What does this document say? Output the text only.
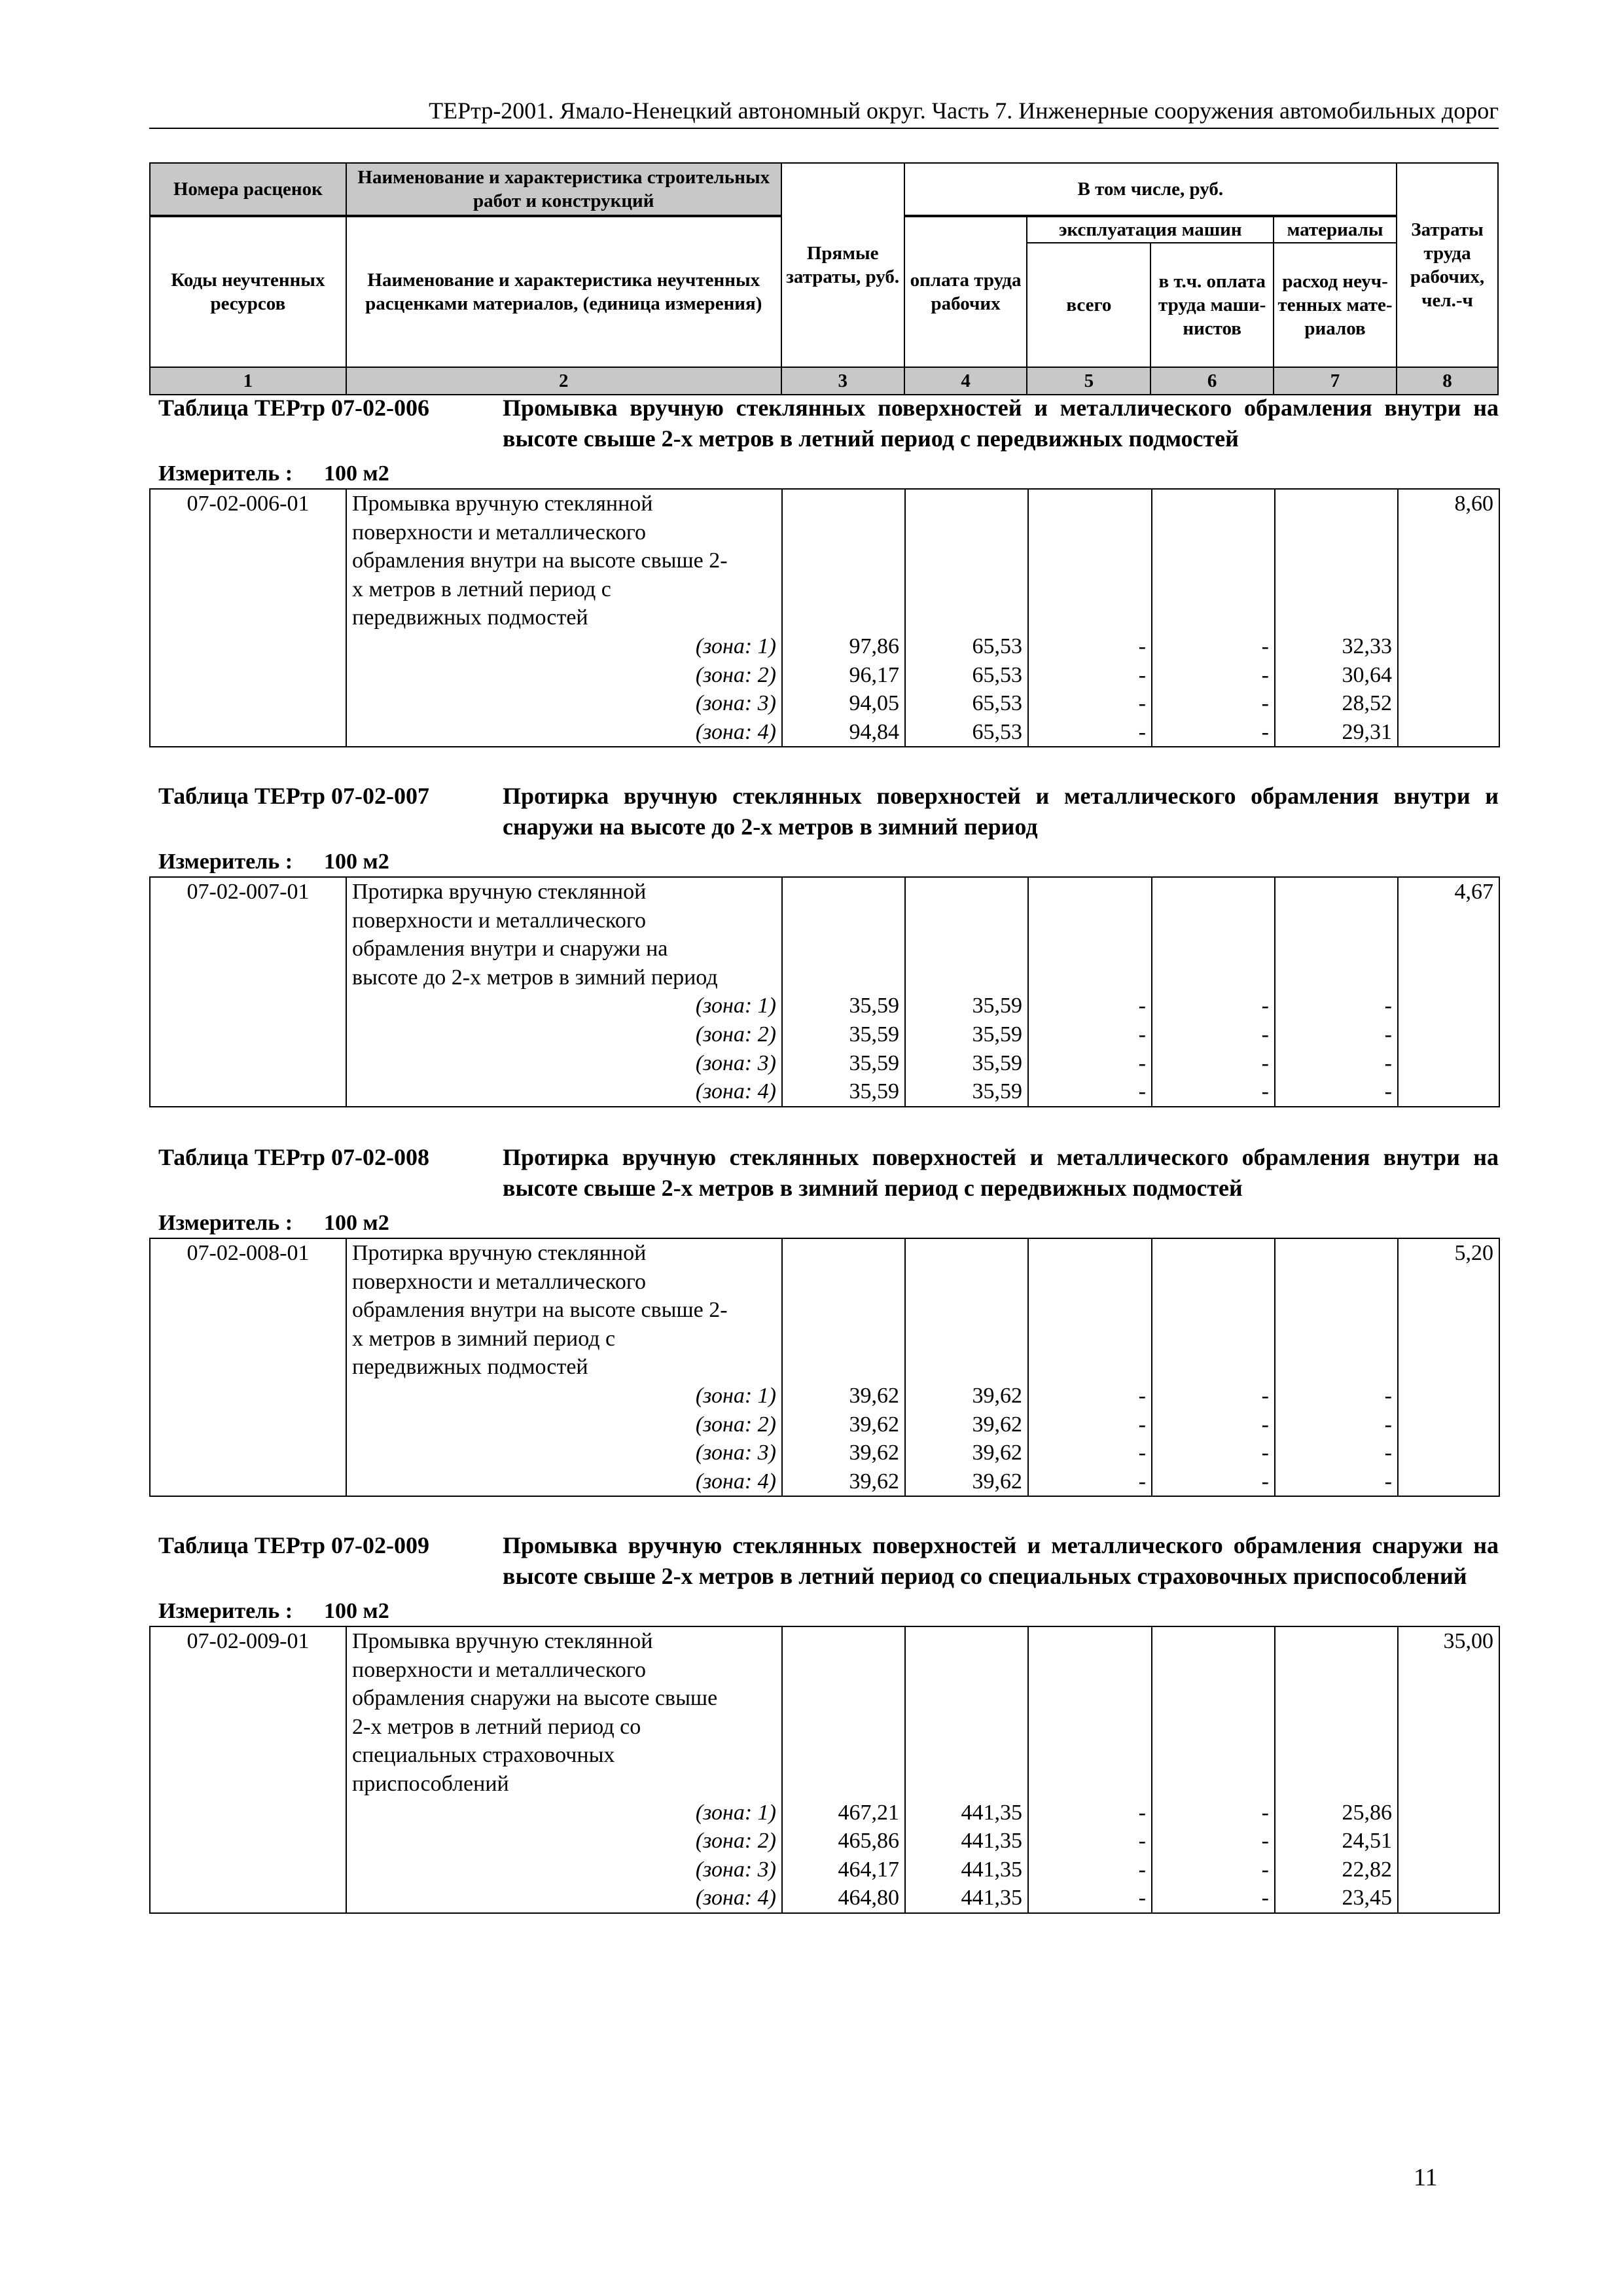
ТЕРтр-2001. Ямало-Ненецкий автономный округ. Часть 7. Инженерные сооружения автомобильных дорог
Номера расценок	Наименование и характеристика строительных работ и конструкций	Прямые затраты, руб.	В том числе, руб.				Затраты труда рабочих, чел.-ч

Коды неучтенных ресурсов	Наименование и характеристика неучтенных расценками материалов, (единица измерения)		оплата труда рабочих	эксплуатация машин		материалы	
				всего	в т.ч. оплата труда маши-нистов	расход неуч-тенных мате-риалов	
1	2	3	4	5	6	7	8
Таблица ТЕРтр 07-02-006	Промывка вручную стеклянных поверхностей и металлического обрамления внутри на высоте свыше 2-х метров в летний период с передвижных подмостей
Измеритель : 100 м2
07-02-006-01	Промывка вручную стеклянной						8,60
	поверхности и металлического						
	обрамления внутри на высоте свыше 2-						
	х метров в летний период с						
	передвижных подмостей						
	(зона: 1)	97,86	65,53	-	-	32,33	
	(зона: 2)	96,17	65,53	-	-	30,64	
	(зона: 3)	94,05	65,53	-	-	28,52	
	(зона: 4)	94,84	65,53	-	-	29,31	
Таблица ТЕРтр 07-02-007	Протирка вручную стеклянных поверхностей и металлического обрамления внутри и снаружи на высоте до 2-х метров в зимний период
Измеритель : 100 м2
07-02-007-01	Протирка вручную стеклянной						4,67
	поверхности и металлического						
	обрамления внутри и снаружи на						
	высоте до 2-х метров в зимний период						
	(зона: 1)	35,59	35,59	-	-	-	
	(зона: 2)	35,59	35,59	-	-	-	
	(зона: 3)	35,59	35,59	-	-	-	
	(зона: 4)	35,59	35,59	-	-	-	
Таблица ТЕРтр 07-02-008	Протирка вручную стеклянных поверхностей и металлического обрамления внутри на высоте свыше 2-х метров в зимний период с передвижных подмостей
Измеритель : 100 м2
07-02-008-01	Протирка вручную стеклянной						5,20
	поверхности и металлического						
	обрамления внутри на высоте свыше 2-						
	х метров в зимний период с						
	передвижных подмостей						
	(зона: 1)	39,62	39,62	-	-	-	
	(зона: 2)	39,62	39,62	-	-	-	
	(зона: 3)	39,62	39,62	-	-	-	
	(зона: 4)	39,62	39,62	-	-	-	
Таблица ТЕРтр 07-02-009	Промывка вручную стеклянных поверхностей и металлического обрамления снаружи на высоте свыше 2-х метров в летний период со специальных страховочных приспособлений
Измеритель : 100 м2
07-02-009-01	Промывка вручную стеклянной						35,00
	поверхности и металлического						
	обрамления снаружи на высоте свыше						
	2-х метров в летний период со						
	специальных страховочных						
	приспособлений						
	(зона: 1)	467,21	441,35	-	-	25,86	
	(зона: 2)	465,86	441,35	-	-	24,51	
	(зона: 3)	464,17	441,35	-	-	22,82	
	(зона: 4)	464,80	441,35	-	-	23,45	
11
